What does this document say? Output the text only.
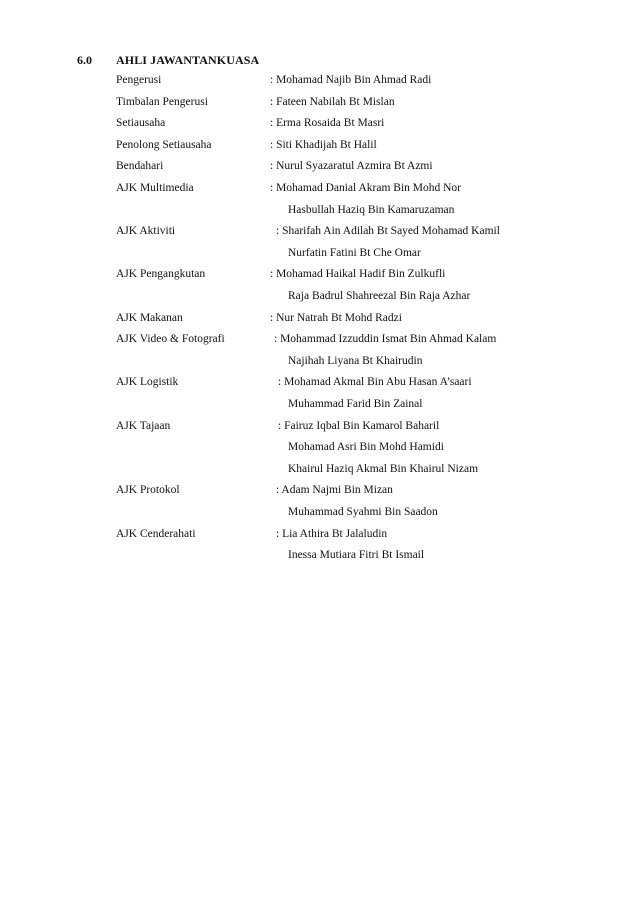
6.0 AHLI JAWANTANKUASA
Pengerusi	: Mohamad Najib Bin Ahmad Radi
Timbalan Pengerusi	: Fateen Nabilah Bt Mislan
Setiausaha	: Erma Rosaida Bt Masri
Penolong Setiausaha	: Siti Khadijah Bt Halil
Bendahari	: Nurul Syazaratul Azmira Bt Azmi
AJK Multimedia	: Mohamad Danial Akram Bin Mohd Nor
Hasbullah Haziq Bin Kamaruzaman
AJK Aktiviti	: Sharifah Ain Adilah Bt Sayed Mohamad Kamil
Nurfatin Fatini Bt Che Omar
AJK Pengangkutan	: Mohamad Haikal Hadif Bin Zulkufli
Raja Badrul Shahreezal Bin Raja Azhar
AJK Makanan	: Nur Natrah Bt Mohd Radzi
AJK Video & Fotografi	: Mohammad Izzuddin Ismat Bin Ahmad Kalam
Najihah Liyana Bt Khairudin
AJK Logistik	: Mohamad Akmal Bin Abu Hasan A’saari
Muhammad Farid Bin Zainal
AJK Tajaan	: Fairuz Iqbal Bin Kamarol Baharil
Mohamad Asri Bin Mohd Hamidi
Khairul Haziq Akmal Bin Khairul Nizam
AJK Protokol	: Adam Najmi Bin Mizan
Muhammad Syahmi Bin Saadon
AJK Cenderahati	: Lia Athira Bt Jalaludin
Inessa Mutiara Fitri Bt Ismail
